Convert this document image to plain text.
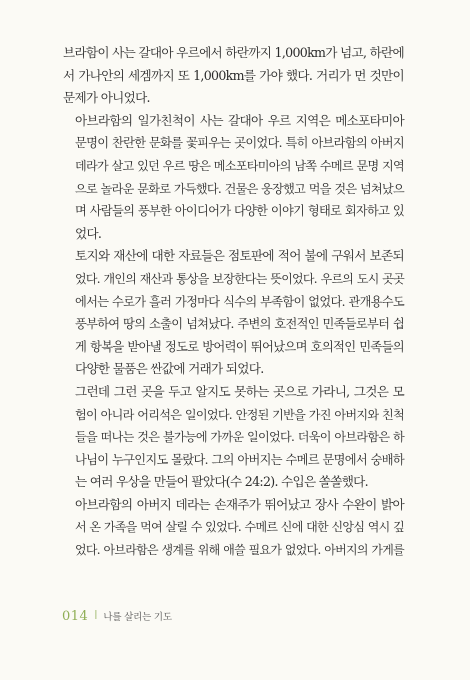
브라함이 사는 갈대아 우르에서 하란까지 1,000km가 넘고, 하란에
서 가나안의 세겜까지 또 1,000km를 가야 했다. 거리가 먼 것만이
문제가 아니었다.

아브라함의 일가친척이 사는 갈대아 우르 지역은 메소포타미아
문명이 찬란한 문화를 꽃피우는 곳이었다. 특히 아브라함의 아버지
데라가 살고 있던 우르 땅은 메소포타미아의 남쪽 수메르 문명 지역
으로 놀라운 문화로 가득했다. 건물은 웅장했고 먹을 것은 넘쳐났으
며 사람들의 풍부한 아이디어가 다양한 이야기 형태로 회자하고 있
었다.

토지와 재산에 대한 자료들은 점토판에 적어 불에 구워서 보존되
었다. 개인의 재산과 통상을 보장한다는 뜻이었다. 우르의 도시 곳곳
에서는 수로가 흘러 가정마다 식수의 부족함이 없었다. 관개용수도
풍부하여 땅의 소출이 넘쳐났다. 주변의 호전적인 민족들로부터 쉽
게 항복을 받아낼 정도로 방어력이 뛰어났으며 호의적인 민족들의
다양한 물품은 싼값에 거래가 되었다.

그런데 그런 곳을 두고 알지도 못하는 곳으로 가라니, 그것은 모
험이 아니라 어리석은 일이었다. 안정된 기반을 가진 아버지와 친척
들을 떠나는 것은 불가능에 가까운 일이었다. 더욱이 아브라함은 하
나님이 누구인지도 몰랐다. 그의 아버지는 수메르 문명에서 숭배하
는 여러 우상을 만들어 팔았다(수 24:2). 수입은 쏠쏠했다.

아브라함의 아버지 데라는 손재주가 뛰어났고 장사 수완이 밝아
서 온 가족을 먹여 살릴 수 있었다. 수메르 신에 대한 신앙심 역시 깊
었다. 아브라함은 생계를 위해 애쓸 필요가 없었다. 아버지의 가게를

014 | 나를 살리는 기도
